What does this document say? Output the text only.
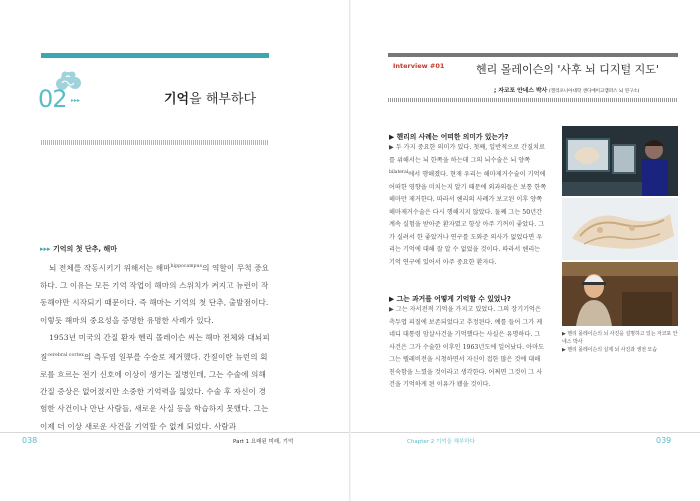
02 ▸▸▸	기억을 해부하다
▸▸▸ 기억의 첫 단추, 해마

뇌 전체를 작동시키기 위해서는 해마$^{hippocampus}$의 역할이 무척 중요하다. 그 이유는 모든 기억 작업이 해마의 스위치가 켜지고 뉴런이 작동해야만 시작되기 때문이다. 즉 해마는 기억의 첫 단추, 출발점이다. 이렇듯 해마의 중요성을 증명한 유명한 사례가 있다.

1953년 미국의 간질 환자 헨리 몰레이슨 씨는 해마 전체와 대뇌피질$^{cerebral cortex}$의 측두엽 일부를 수술로 제거했다. 간질이란 뉴런의 회로를 흐르는 전기 신호에 이상이 생기는 질병인데, 그는 수술에 의해 간질 증상은 없어졌지만 소중한 기억력을 잃었다. 수술 후 자신이 경험한 사건이나 만난 사람들, 새로운 사실 등을 학습하지 못했다. 그는 이제 더 이상 새로운 사건을 기억할 수 없게 되었다. 사람과

038	Part 1 요래된 미래, 기억
Interview #01	헨리 몰레이슨의 '사후 뇌 디지털 지도'
; 자코포 안네스 박사 (캘리포니아대학 샌디에이고캠퍼스 뇌 연구소)
▶ 헨리의 사례는 어떠한 의미가 있는가?

▶ 두 가지 중요한 의미가 있다. 첫째, 일반적으로 간질치료를 위해서는 뇌 한쪽을 하는데 그의 뇌수술은 뇌 양쪽$^{bilateral}$에서 행해졌다. 현재 우리는 해마제거수술이 기억에 어떠한 영향을 미치는지 알기 때문에 외과의들은 보통 한쪽 해마만 제거한다. 따라서 헨리의 사례가 보고된 이후 양쪽 해마제거수술은 다시 행해지지 않았다. 둘째 그는 50년간 계속 실험을 받아준 환자였고 항상 아주 기꺼이 좋았다. 그가 실려서 한 좋았거나 연구를 도와준 의사가 없었다면 우리는 기억에 대해 잘 알 수 없었을 것이다. 따라서 헨리는 기억 연구에 있어서 아주 중요한 환자다.

▶ 그는 과거를 어떻게 기억할 수 있었나?

▶ 그는 자서전적 기억을 가지고 있었다. 그의 장기기억은 측두엽 피질에 보존되었다고 추정된다. 예를 들어 그가 케네디 대통령 암살사건을 기억했다는 사실은 유명하다. 그 사건은 그가 수술한 이후인 1963년도에 일어났다. 아마도 그는 텔레비전을 시청하면서 자신이 접한 많은 것에 대해 친숙함을 느꼈을 것이라고 생각한다. 어쩌면 그것이 그 사건을 기억하게 된 이유가 됐을 것이다.

▶ 헨리 몰레이슨의 뇌 사진을 설명하고 있는 자코포 안네스 박사
▶ 헨리 몰레이슨의 실제 뇌 사진과 생전 모습
Chapter 2 기억을 해부하다	039
